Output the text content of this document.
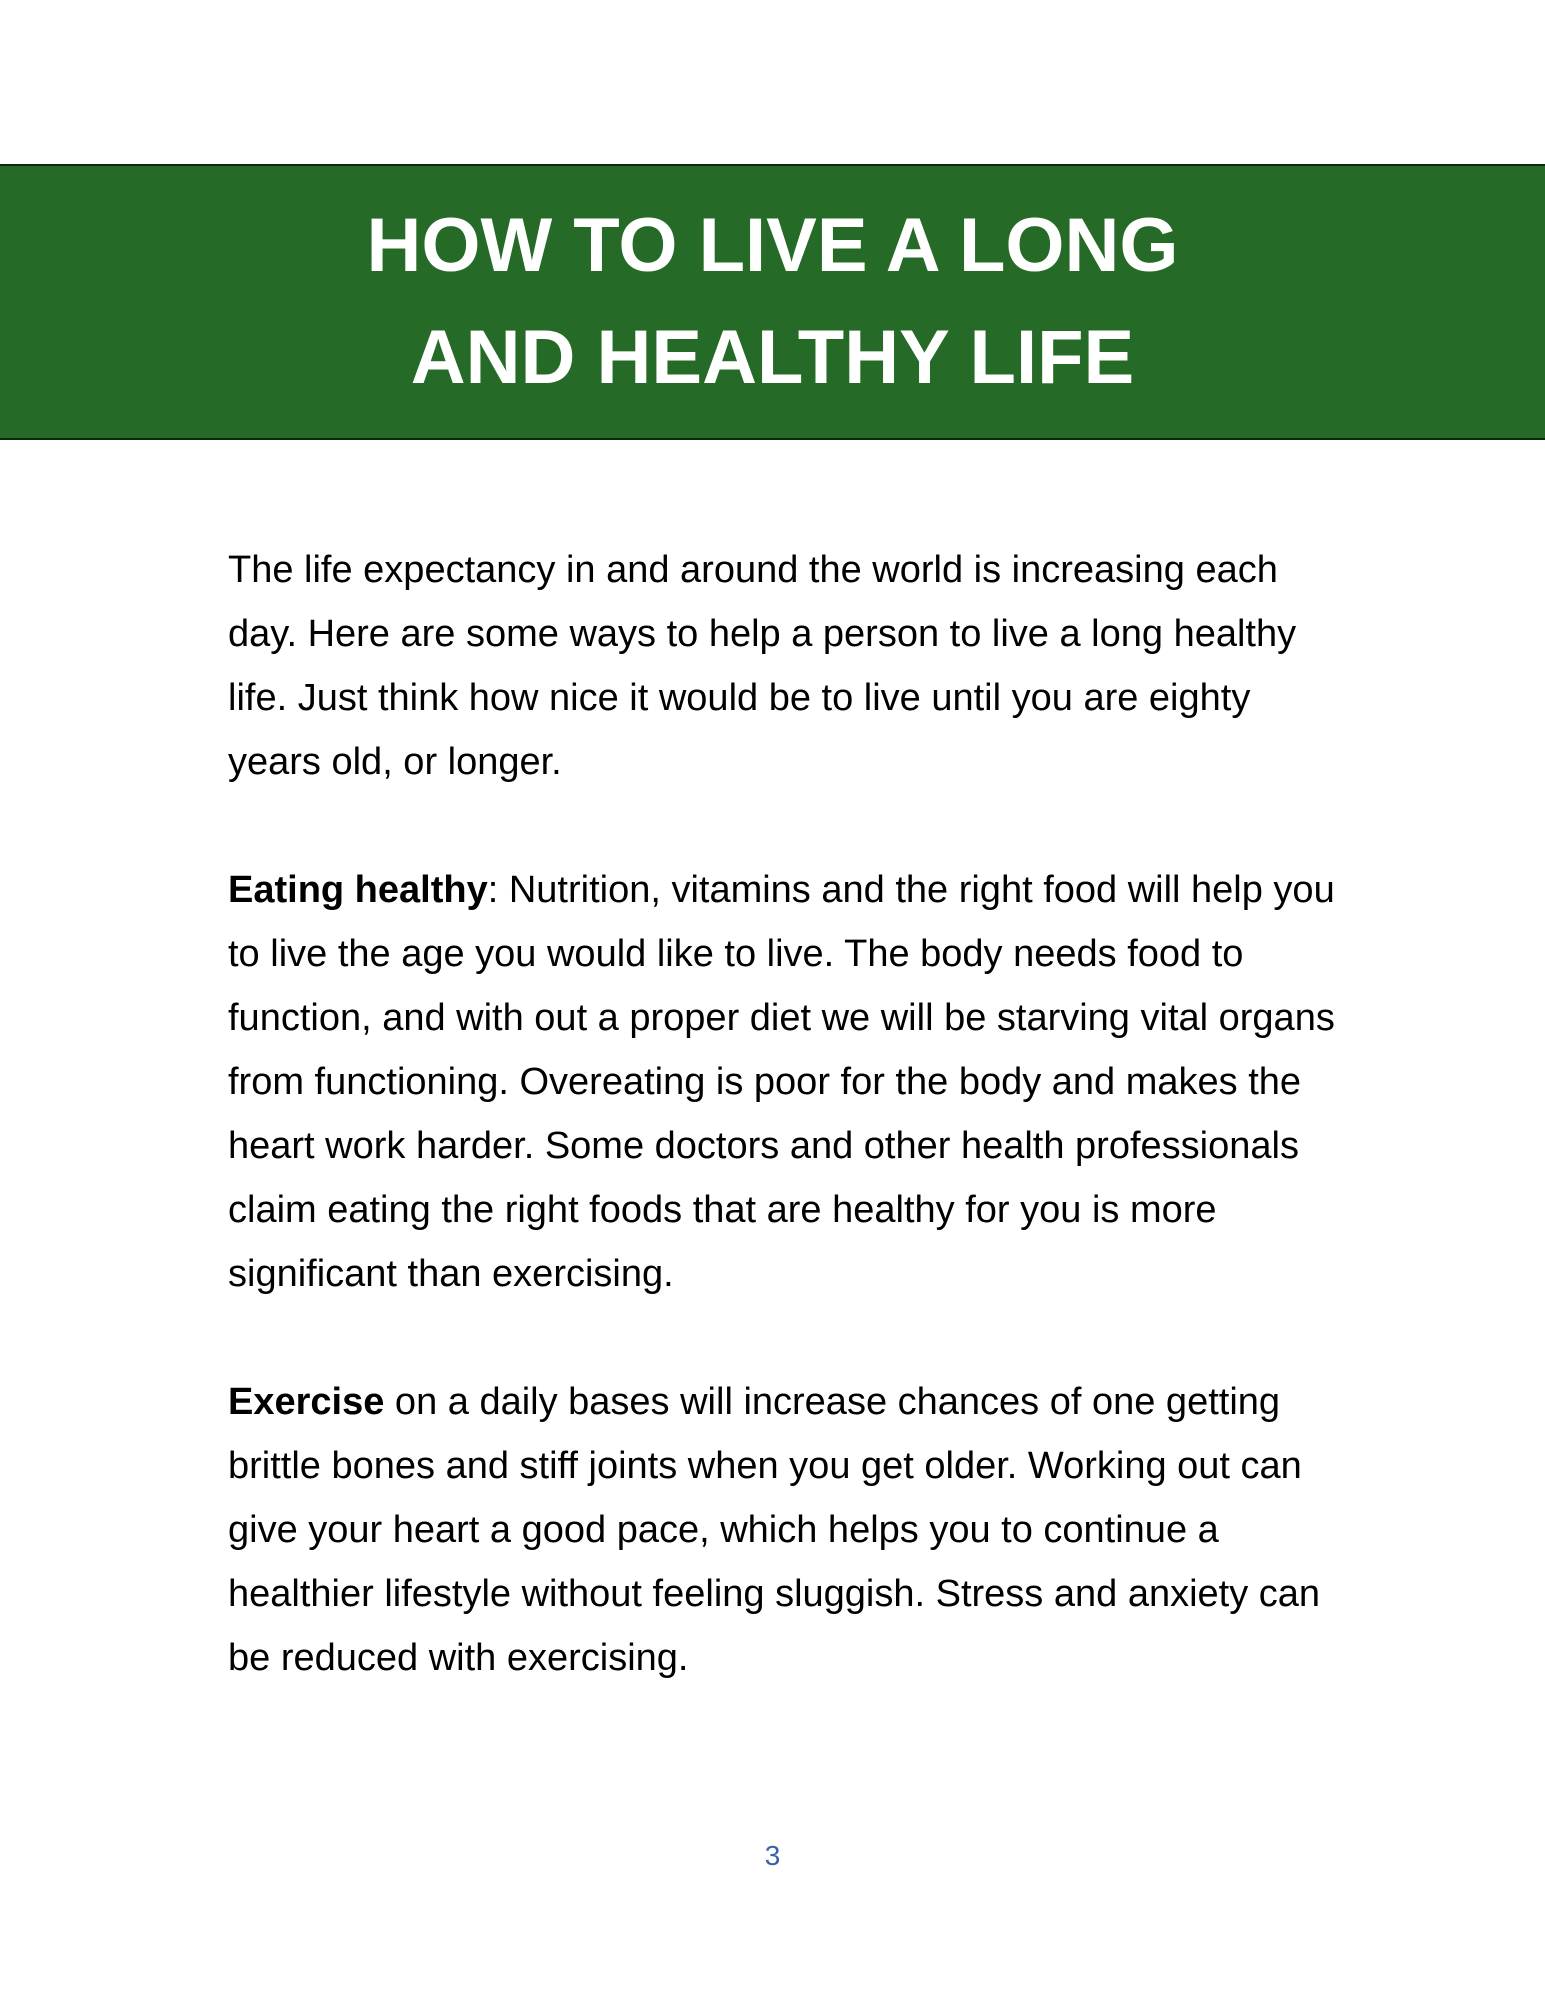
HOW TO LIVE A LONG
AND HEALTHY LIFE

The life expectancy in and around the world is increasing each day. Here are some ways to help a person to live a long healthy life. Just think how nice it would be to live until you are eighty years old, or longer.

Eating healthy: Nutrition, vitamins and the right food will help you to live the age you would like to live. The body needs food to function, and with out a proper diet we will be starving vital organs from functioning. Overeating is poor for the body and makes the heart work harder. Some doctors and other health professionals claim eating the right foods that are healthy for you is more significant than exercising.

Exercise on a daily bases will increase chances of one getting brittle bones and stiff joints when you get older. Working out can give your heart a good pace, which helps you to continue a healthier lifestyle without feeling sluggish. Stress and anxiety can be reduced with exercising.

3
